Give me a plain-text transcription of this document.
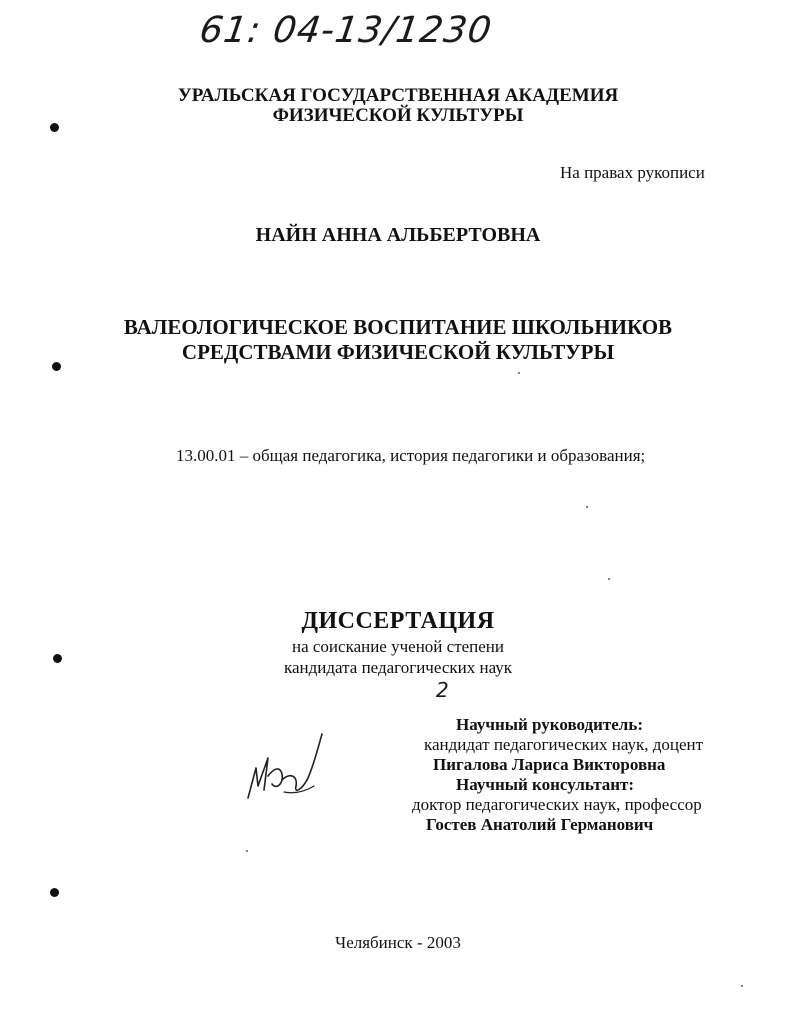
61: 04-13/1230
УРАЛЬСКАЯ ГОСУДАРСТВЕННАЯ АКАДЕМИЯ
ФИЗИЧЕСКОЙ КУЛЬТУРЫ
На правах рукописи
НАЙН АННА АЛЬБЕРТОВНА
ВАЛЕОЛОГИЧЕСКОЕ ВОСПИТАНИЕ ШКОЛЬНИКОВ
СРЕДСТВАМИ ФИЗИЧЕСКОЙ КУЛЬТУРЫ
13.00.01 – общая педагогика, история педагогики и образования;
ДИССЕРТАЦИЯ
на соискание ученой степени
кандидата педагогических наук
2
Научный руководитель:
кандидат педагогических наук, доцент
Пигалова Лариса Викторовна
Научный консультант:
доктор педагогических наук, профессор
Гостев Анатолий Германович
Челябинск - 2003
